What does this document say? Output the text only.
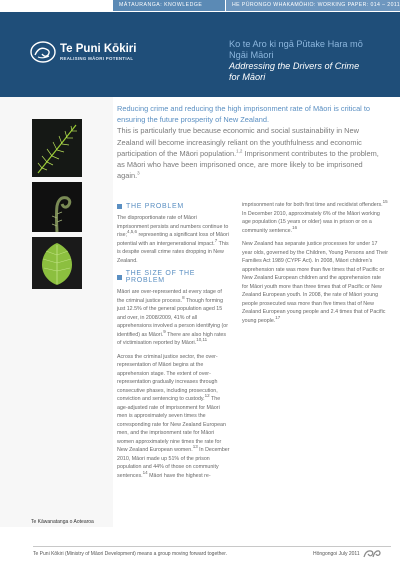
MĀTAURANGA: KNOWLEDGE	HE PŪRONGO WHAKAMŌHIO: WORKING PAPER: 014 – 2011
Te Puni Kōkiri
REALISING MĀORI POTENTIAL

Ko te Aro ki ngā Pūtake Hara mō

Ngāi Māori

Addressing the Drivers of Crime

for Māori

Te Kāwanatanga o Aotearoa

Reducing crime and reducing the high imprisonment rate of Māori is critical to ensuring the future prosperity of New Zealand.

This is particularly true because economic and social sustainability in New Zealand will become increasingly reliant on the youthfulness and economic participation of the Māori population.$^{1,2}$ Imprisonment contributes to the problem, as Māori who have been imprisoned once, are more likely to be imprisoned again.$^3$

THE PROBLEM

The disproportionate rate of Māori imprisonment persists and numbers continue to rise;$^{4,5,6}$ representing a significant loss of Māori potential with an intergenerational impact.$^7$ This is despite overall crime rates dropping in New Zealand.

THE SIZE OF THE PROBLEM

Māori are over-represented at every stage of the criminal justice process.$^8$ Though forming just 12.5% of the general population aged 15 and over, in 2008/2009, 41% of all apprehensions involved a person identifying (or identified) as Māori.$^9$ There are also high rates of victimisation reported by Māori.$^{10,11}$

Across the criminal justice sector, the over-representation of Māori begins at the apprehension stage. The extent of over-representation gradually increases through consecutive phases, including prosecution, conviction and sentencing to custody.$^{12}$ The age-adjusted rate of imprisonment for Māori men is approximately seven times the corresponding rate for New Zealand European men, and the imprisonment rate for Māori women approximately nine times the rate for New Zealand European women.$^{13}$ In December 2010, Māori made up 51% of the prison population and 44% of those on community sentences.$^{14}$ Māori have the highest re-

imprisonment rate for both first time and recidivist offenders.$^{15}$ In December 2010, approximately 6% of the Māori working age population (15 years or older) was in prison or on a community sentence.$^{16}$

New Zealand has separate justice processes for under 17 year olds, governed by the Children, Young Persons and Their Families Act 1989 (CYPF Act). In 2008, Māori children's apprehension rate was more than five times that of Pacific or New Zealand European children and the apprehension rate for Māori youth more than three times that of Pacific or New Zealand European youth. In 2008, the rate of Māori young people prosecuted was more than five times that of New Zealand European young people and 2.4 times that of Pacific young people.$^{17}$

Te Puni Kōkiri (Ministry of Māori Development) means a group moving forward together.	Hōngongoi July 2011
